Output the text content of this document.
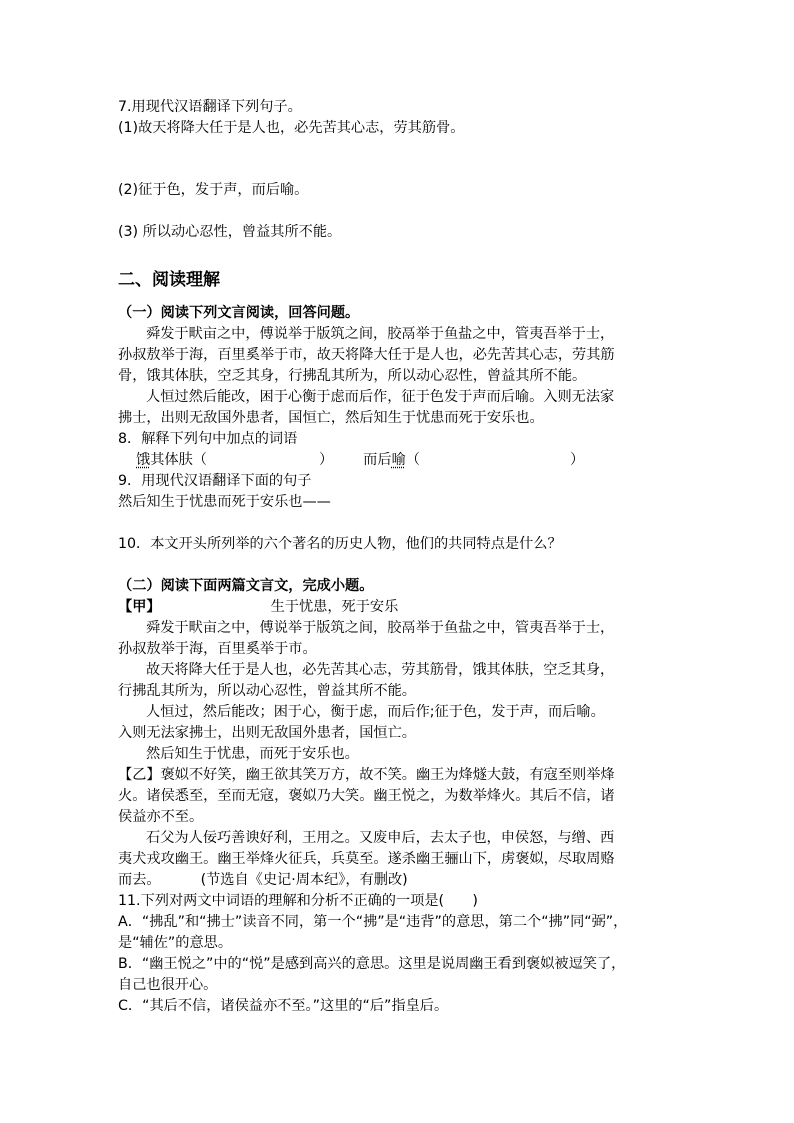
7.用现代汉语翻译下列句子。
(1)故天将降大任于是人也，必先苦其心志，劳其筋骨。
(2)征于色，发于声，而后喻。
(3) 所以动心忍性，曾益其所不能。
二、阅读理解
（一）阅读下列文言阅读，回答问题。
舜发于畎亩之中，傅说举于版筑之间，胶鬲举于鱼盐之中，管夷吾举于士，
孙叔敖举于海，百里奚举于市，故天将降大任于是人也，必先苦其心志，劳其筋
骨，饿其体肤，空乏其身，行拂乱其所为，所以动心忍性，曾益其所不能。
人恒过然后能改，困于心衡于虑而后作，征于色发于声而后喻。入则无法家
拂士，出则无敌国外患者，国恒亡，然后知生于忧患而死于安乐也。
8．解释下列句中加点的词语
饿其体肤（	） 而后喻（	）
9．用现代汉语翻译下面的句子
然后知生于忧患而死于安乐也——
10．本文开头所列举的六个著名的历史人物，他们的共同特点是什么？
（二）阅读下面两篇文言文，完成小题。
【甲】	生于忧患，死于安乐
舜发于畎亩之中，傅说举于版筑之间，胶鬲举于鱼盐之中，管夷吾举于士，
孙叔敖举于海，百里奚举于市。
故天将降大任于是人也，必先苦其心志，劳其筋骨，饿其体肤，空乏其身，
行拂乱其所为，所以动心忍性，曾益其所不能。
人恒过，然后能改；困于心，衡于虑，而后作;征于色，发于声，而后喻。
入则无法家拂士，出则无敌国外患者，国恒亡。
然后知生于忧患，而死于安乐也。
【乙】褒姒不好笑，幽王欲其笑万方，故不笑。幽王为烽燧大鼓，有寇至则举烽
火。诸侯悉至，至而无寇，褒姒乃大笑。幽王悦之，为数举烽火。其后不信，诸
侯益亦不至。
石父为人佞巧善谀好利，王用之。又废申后，去太子也，申侯怒，与缯、西
夷犬戎攻幽王。幽王举烽火征兵，兵莫至。遂杀幽王骊山下，虏褒姒，尽取周赂
而去。	(节选自《史记·周本纪》，有删改)
11.下列对两文中词语的理解和分析不正确的一项是(　　)
A．“拂乱”和“拂士”读音不同，第一个“拂”是“违背”的意思，第二个“拂”同“弼”，
是“辅佐”的意思。
B．“幽王悦之”中的“悦”是感到高兴的意思。这里是说周幽王看到褒姒被逗笑了，
自己也很开心。
C．“其后不信，诸侯益亦不至。”这里的“后”指皇后。
